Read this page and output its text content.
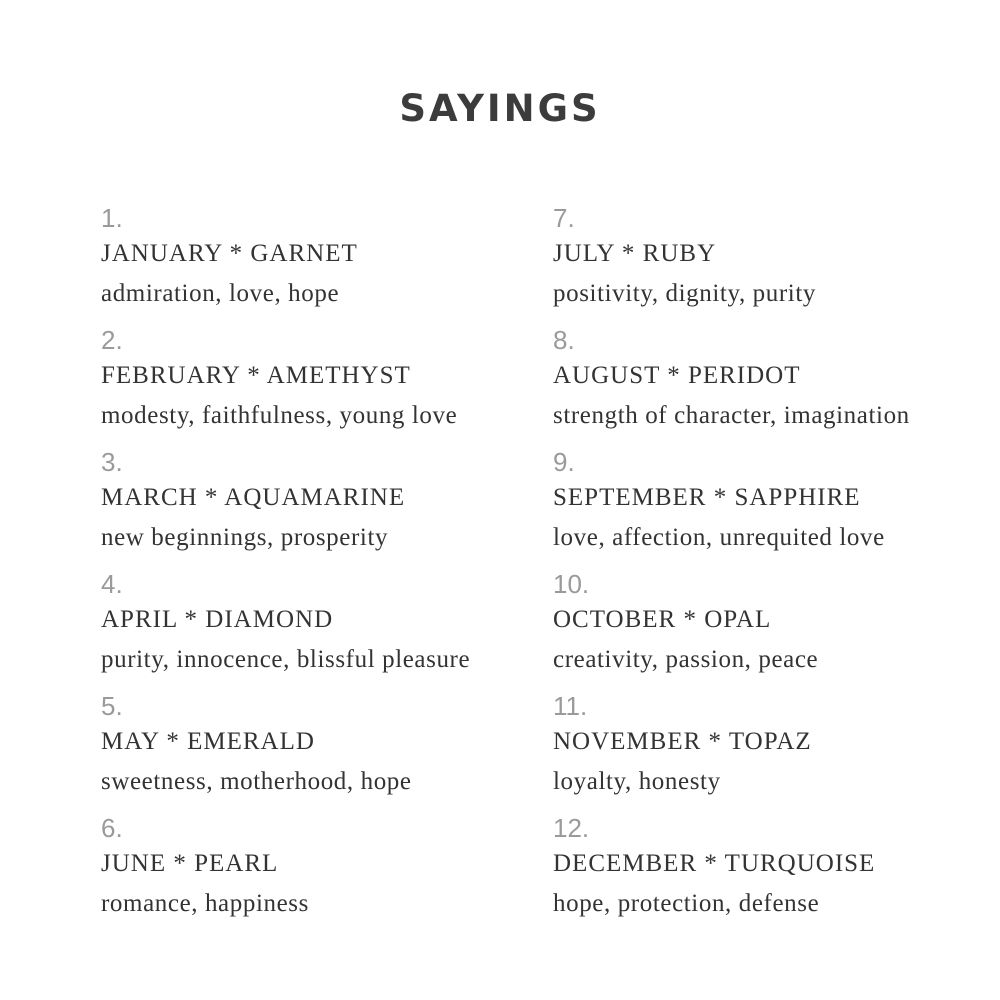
SAYINGS
1.
JANUARY * GARNET
admiration, love, hope
2.
FEBRUARY * AMETHYST
modesty, faithfulness, young love
3.
MARCH * AQUAMARINE
new beginnings, prosperity
4.
APRIL * DIAMOND
purity, innocence, blissful pleasure
5.
MAY * EMERALD
sweetness, motherhood, hope
6.
JUNE * PEARL
romance, happiness
7.
JULY * RUBY
positivity, dignity, purity
8.
AUGUST * PERIDOT
strength of character, imagination
9.
SEPTEMBER * SAPPHIRE
love, affection, unrequited love
10.
OCTOBER * OPAL
creativity, passion, peace
11.
NOVEMBER * TOPAZ
loyalty, honesty
12.
DECEMBER * TURQUOISE
hope, protection, defense
